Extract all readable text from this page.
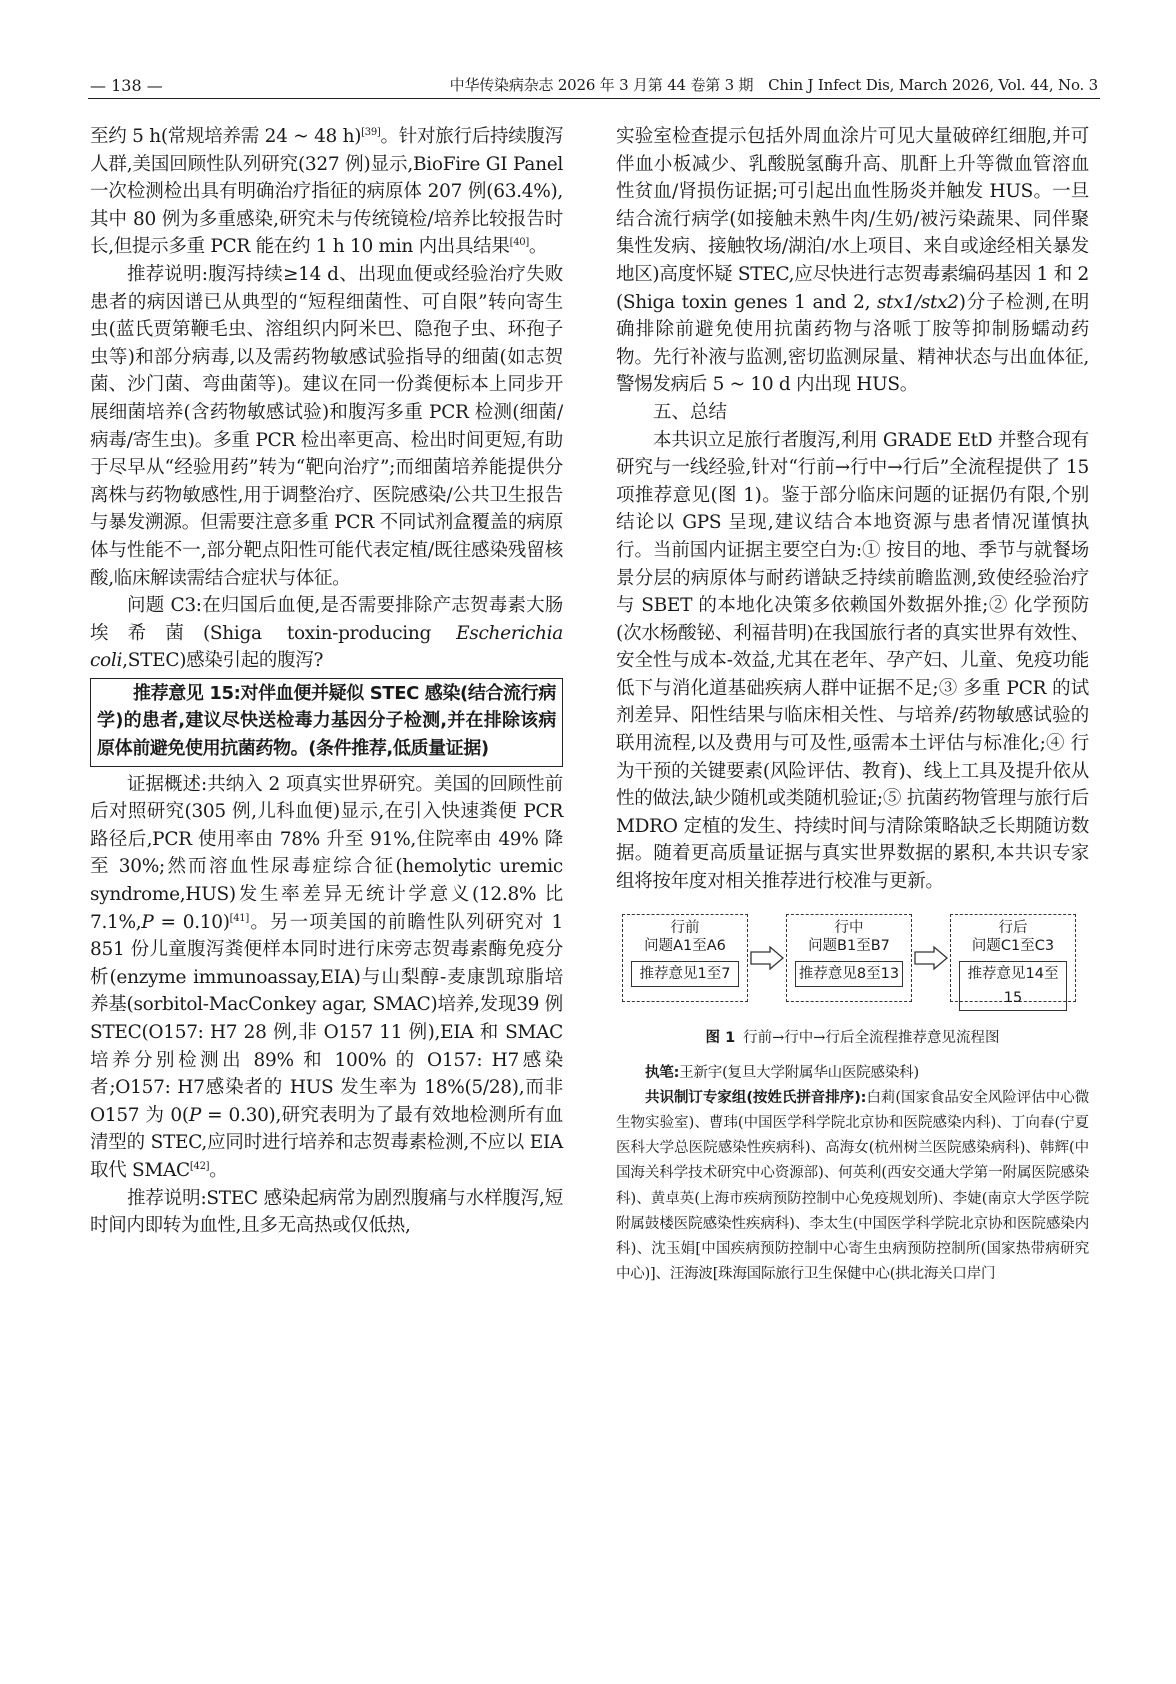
— 138 —	中华传染病杂志 2026 年 3 月第 44 卷第 3 期　Chin J Infect Dis, March 2026, Vol. 44, No. 3

至约 5 h(常规培养需 24 ~ 48 h)[39]。针对旅行后持续腹泻人群,美国回顾性队列研究(327 例)显示,BioFire GI Panel 一次检测检出具有明确治疗指征的病原体 207 例(63.4%),其中 80 例为多重感染,研究未与传统镜检/培养比较报告时长,但提示多重 PCR 能在约 1 h 10 min 内出具结果[40]。

推荐说明:腹泻持续≥14 d、出现血便或经验治疗失败患者的病因谱已从典型的“短程细菌性、可自限”转向寄生虫(蓝氏贾第鞭毛虫、溶组织内阿米巴、隐孢子虫、环孢子虫等)和部分病毒,以及需药物敏感试验指导的细菌(如志贺菌、沙门菌、弯曲菌等)。建议在同一份粪便标本上同步开展细菌培养(含药物敏感试验)和腹泻多重 PCR 检测(细菌/病毒/寄生虫)。多重 PCR 检出率更高、检出时间更短,有助于尽早从“经验用药”转为“靶向治疗”;而细菌培养能提供分离株与药物敏感性,用于调整治疗、医院感染/公共卫生报告与暴发溯源。但需要注意多重 PCR 不同试剂盒覆盖的病原体与性能不一,部分靶点阳性可能代表定植/既往感染残留核酸,临床解读需结合症状与体征。

问题 C3:在归国后血便,是否需要排除产志贺毒素大肠埃希菌(Shiga toxin-producing Escherichia coli,STEC)感染引起的腹泻?

推荐意见 15:对伴血便并疑似 STEC 感染(结合流行病学)的患者,建议尽快送检毒力基因分子检测,并在排除该病原体前避免使用抗菌药物。(条件推荐,低质量证据)

证据概述:共纳入 2 项真实世界研究。美国的回顾性前后对照研究(305 例,儿科血便)显示,在引入快速粪便 PCR 路径后,PCR 使用率由 78% 升至 91%,住院率由 49% 降至 30%;然而溶血性尿毒症综合征(hemolytic uremic syndrome,HUS)发生率差异无统计学意义(12.8% 比 7.1%,P = 0.10)[41]。另一项美国的前瞻性队列研究对 1 851 份儿童腹泻粪便样本同时进行床旁志贺毒素酶免疫分析(enzyme immunoassay,EIA)与山梨醇-麦康凯琼脂培养基(sorbitol-MacConkey agar, SMAC)培养,发现39 例 STEC(O157: H7 28 例,非 O157 11 例),EIA 和 SMAC 培养分别检测出 89% 和 100% 的 O157: H7感染者;O157: H7感染者的 HUS 发生率为 18%(5/28),而非 O157 为 0(P = 0.30),研究表明为了最有效地检测所有血清型的 STEC,应同时进行培养和志贺毒素检测,不应以 EIA 取代 SMAC[42]。

推荐说明:STEC 感染起病常为剧烈腹痛与水样腹泻,短时间内即转为血性,且多无高热或仅低热,

实验室检查提示包括外周血涂片可见大量破碎红细胞,并可伴血小板减少、乳酸脱氢酶升高、肌酐上升等微血管溶血性贫血/肾损伤证据;可引起出血性肠炎并触发 HUS。一旦结合流行病学(如接触未熟牛肉/生奶/被污染蔬果、同伴聚集性发病、接触牧场/湖泊/水上项目、来自或途经相关暴发地区)高度怀疑 STEC,应尽快进行志贺毒素编码基因 1 和 2 (Shiga toxin genes 1 and 2, stx1/stx2)分子检测,在明确排除前避免使用抗菌药物与洛哌丁胺等抑制肠蠕动药物。先行补液与监测,密切监测尿量、精神状态与出血体征,警惕发病后 5 ~ 10 d 内出现 HUS。

五、总结

本共识立足旅行者腹泻,利用 GRADE EtD 并整合现有研究与一线经验,针对“行前→行中→行后”全流程提供了 15 项推荐意见(图 1)。鉴于部分临床问题的证据仍有限,个别结论以 GPS 呈现,建议结合本地资源与患者情况谨慎执行。当前国内证据主要空白为:① 按目的地、季节与就餐场景分层的病原体与耐药谱缺乏持续前瞻监测,致使经验治疗与 SBET 的本地化决策多依赖国外数据外推;② 化学预防(次水杨酸铋、利福昔明)在我国旅行者的真实世界有效性、安全性与成本-效益,尤其在老年、孕产妇、儿童、免疫功能低下与消化道基础疾病人群中证据不足;③ 多重 PCR 的试剂差异、阳性结果与临床相关性、与培养/药物敏感试验的联用流程,以及费用与可及性,亟需本土评估与标准化;④ 行为干预的关键要素(风险评估、教育)、线上工具及提升依从性的做法,缺少随机或类随机验证;⑤ 抗菌药物管理与旅行后 MDRO 定植的发生、持续时间与清除策略缺乏长期随访数据。随着更高质量证据与真实世界数据的累积,本共识专家组将按年度对相关推荐进行校准与更新。

行前
问题A1至A6
推荐意见1至7
行中
问题B1至B7
推荐意见8至13
行后
问题C1至C3
推荐意见14至15
图 1 行前→行中→行后全流程推荐意见流程图

执笔:王新宇(复旦大学附属华山医院感染科)

共识制订专家组(按姓氏拼音排序):白莉(国家食品安全风险评估中心微生物实验室)、曹玮(中国医学科学院北京协和医院感染内科)、丁向春(宁夏医科大学总医院感染性疾病科)、高海女(杭州树兰医院感染病科)、韩辉(中国海关科学技术研究中心资源部)、何英利(西安交通大学第一附属医院感染科)、黄卓英(上海市疾病预防控制中心免疫规划所)、李婕(南京大学医学院附属鼓楼医院感染性疾病科)、李太生(中国医学科学院北京协和医院感染内科)、沈玉娟[中国疾病预防控制中心寄生虫病预防控制所(国家热带病研究中心)]、汪海波[珠海国际旅行卫生保健中心(拱北海关口岸门
